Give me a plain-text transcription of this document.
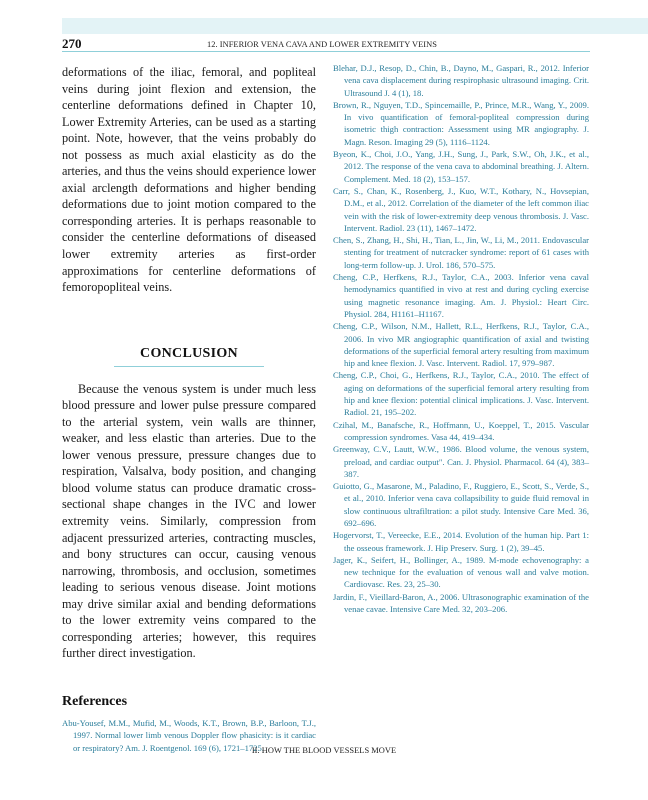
270	12. INFERIOR VENA CAVA AND LOWER EXTREMITY VEINS

deformations of the iliac, femoral, and popliteal veins during joint flexion and extension, the centerline deformations defined in Chapter 10, Lower Extremity Arteries, can be used as a starting point. Note, however, that the veins probably do not possess as much axial elasticity as do the arteries, and thus the veins should experience lower axial arclength deformations and higher bending deformations due to joint motion compared to the corresponding arteries. It is perhaps reasonable to consider the centerline deformations of diseased lower extremity arteries as first-order approximations for centerline deformations of femoropopliteal veins.

CONCLUSION

Because the venous system is under much less blood pressure and lower pulse pressure compared to the arterial system, vein walls are thinner, weaker, and less elastic than arteries. Due to the lower venous pressure, pressure changes due to respiration, Valsalva, body position, and changing blood volume status can produce dramatic cross-sectional shape changes in the IVC and lower extremity veins. Similarly, compression from adjacent pressurized arteries, contracting muscles, and bony structures can occur, causing venous narrowing, thrombosis, and occlusion, sometimes leading to serious venous disease. Joint motions may drive similar axial and bending deformations to the lower extremity veins compared to the corresponding arteries; however, this requires further direct investigation.

References

Abu-Yousef, M.M., Mufid, M., Woods, K.T., Brown, B.P., Barloon, T.J., 1997. Normal lower limb venous Doppler flow phasicity: is it cardiac or respiratory? Am. J. Roentgenol. 169 (6), 1721–1725.

Blehar, D.J., Resop, D., Chin, B., Dayno, M., Gaspari, R., 2012. Inferior vena cava displacement during respirophasic ultrasound imaging. Crit. Ultrasound J. 4 (1), 18.

Brown, R., Nguyen, T.D., Spincemaille, P., Prince, M.R., Wang, Y., 2009. In vivo quantification of femoral-popliteal compression during isometric thigh contraction: Assessment using MR angiography. J. Magn. Reson. Imaging 29 (5), 1116–1124.

Byeon, K., Choi, J.O., Yang, J.H., Sung, J., Park, S.W., Oh, J.K., et al., 2012. The response of the vena cava to abdominal breathing. J. Altern. Complement. Med. 18 (2), 153–157.

Carr, S., Chan, K., Rosenberg, J., Kuo, W.T., Kothary, N., Hovsepian, D.M., et al., 2012. Correlation of the diameter of the left common iliac vein with the risk of lower-extremity deep venous thrombosis. J. Vasc. Intervent. Radiol. 23 (11), 1467–1472.

Chen, S., Zhang, H., Shi, H., Tian, L., Jin, W., Li, M., 2011. Endovascular stenting for treatment of nutcracker syndrome: report of 61 cases with long-term follow-up. J. Urol. 186, 570–575.

Cheng, C.P., Herfkens, R.J., Taylor, C.A., 2003. Inferior vena caval hemodynamics quantified in vivo at rest and during cycling exercise using magnetic resonance imaging. Am. J. Physiol.: Heart Circ. Physiol. 284, H1161–H1167.

Cheng, C.P., Wilson, N.M., Hallett, R.L., Herfkens, R.J., Taylor, C.A., 2006. In vivo MR angiographic quantification of axial and twisting deformations of the superficial femoral artery resulting from maximum hip and knee flexion. J. Vasc. Intervent. Radiol. 17, 979–987.

Cheng, C.P., Choi, G., Herfkens, R.J., Taylor, C.A., 2010. The effect of aging on deformations of the superficial femoral artery resulting from hip and knee flexion: potential clinical implications. J. Vasc. Intervent. Radiol. 21, 195–202.

Czihal, M., Banafsche, R., Hoffmann, U., Koeppel, T., 2015. Vascular compression syndromes. Vasa 44, 419–434.

Greenway, C.V., Lautt, W.W., 1986. Blood volume, the venous system, preload, and cardiac output". Can. J. Physiol. Pharmacol. 64 (4), 383–387.

Guiotto, G., Masarone, M., Paladino, F., Ruggiero, E., Scott, S., Verde, S., et al., 2010. Inferior vena cava collapsibility to guide fluid removal in slow continuous ultrafiltration: a pilot study. Intensive Care Med. 36, 692–696.

Hogervorst, T., Vereecke, E.E., 2014. Evolution of the human hip. Part 1: the osseous framework. J. Hip Preserv. Surg. 1 (2), 39–45.

Jager, K., Seifert, H., Bollinger, A., 1989. M-mode echovenography: a new technique for the evaluation of venous wall and valve motion. Cardiovasc. Res. 23, 25–30.

Jardin, F., Vieillard-Baron, A., 2006. Ultrasonographic examination of the venae cavae. Intensive Care Med. 32, 203–206.

II. HOW THE BLOOD VESSELS MOVE
